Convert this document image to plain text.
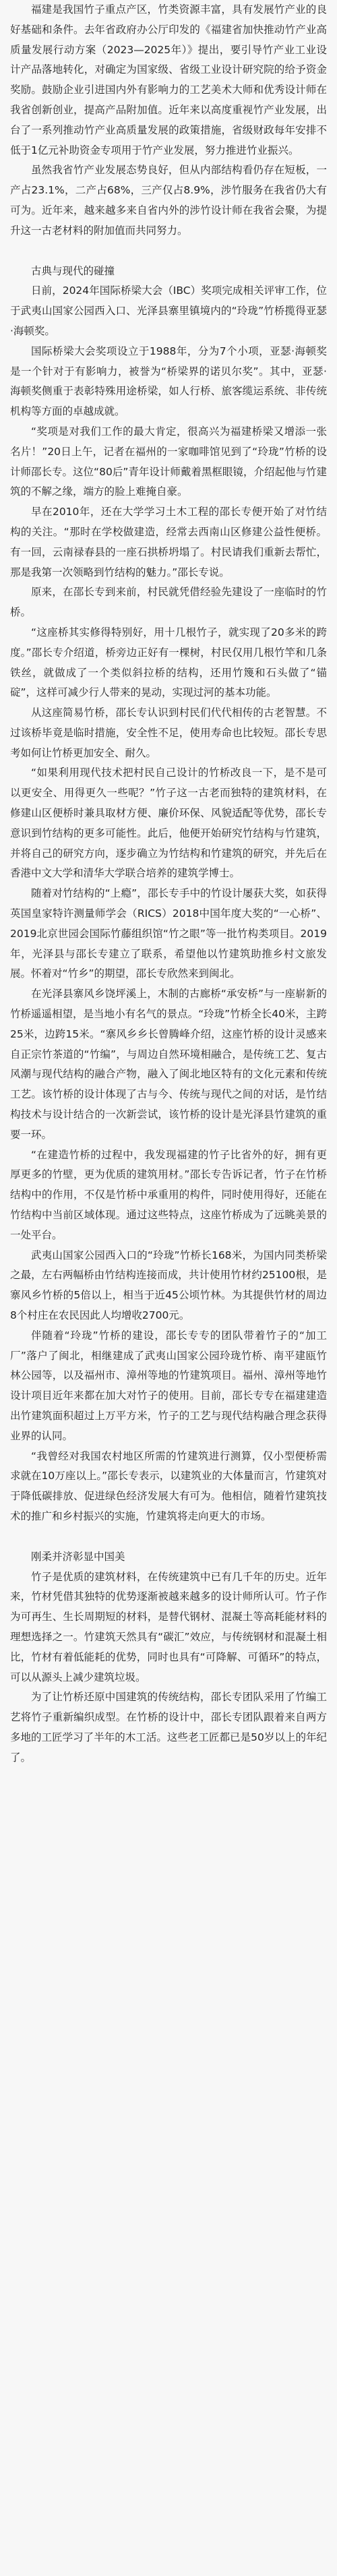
福建是我国竹子重点产区，竹类资源丰富，具有发展竹产业的良好基础和条件。去年省政府办公厅印发的《福建省加快推动竹产业高质量发展行动方案（2023—2025年）》提出，要引导竹产业工业设计产品落地转化，对确定为国家级、省级工业设计研究院的给予资金奖励。鼓励企业引进国内外有影响力的工艺美术大师和优秀设计师在我省创新创业，提高产品附加值。近年来以高度重视竹产业发展，出台了一系列推动竹产业高质量发展的政策措施，省级财政每年安排不低于1亿元补助资金专项用于竹产业发展，努力推进竹业振兴。

虽然我省竹产业发展态势良好，但从内部结构看仍存在短板，一产占23.1%，二产占68%，三产仅占8.9%，涉竹服务在我省仍大有可为。近年来，越来越多来自省内外的涉竹设计师在我省会聚，为提升这一古老材料的附加值而共同努力。

古典与现代的碰撞

日前，2024年国际桥梁大会（IBC）奖项完成相关评审工作，位于武夷山国家公园西入口、光泽县寨里镇境内的“玲珑”竹桥揽得亚瑟·海顿奖。

国际桥梁大会奖项设立于1988年，分为7个小项，亚瑟·海顿奖是一个针对于有影响力，被誉为“桥梁界的诺贝尔奖”。其中，亚瑟·海顿奖侧重于表彰特殊用途桥梁，如人行桥、旅客缆运系统、非传统机构等方面的卓越成就。

“奖项是对我们工作的最大肯定，很高兴为福建桥梁又增添一张名片！”20日上午，记者在福州的一家咖啡馆见到了“玲珑”竹桥的设计师邵长专。这位“80后”青年设计师戴着黑框眼镜，介绍起他与竹建筑的不解之缘，端方的脸上难掩自豪。

早在2010年，还在大学学习土木工程的邵长专便开始了对竹结构的关注。“那时在学校做建造，经常去西南山区修建公益性便桥。有一回，云南禄春县的一座石拱桥坍塌了。村民请我们重新去帮忙，那是我第一次领略到竹结构的魅力。”邵长专说。

原来，在邵长专到来前，村民就凭借经验先建设了一座临时的竹桥。

“这座桥其实修得特别好，用十几根竹子，就实现了20多米的跨度。”邵长专介绍道，桥旁边正好有一棵树，村民仅用几根竹竿和几条铁丝，就做成了一个类似斜拉桥的结构，还用竹篾和石头做了“锚碇”，这样可减少行人带来的晃动，实现过河的基本功能。

从这座简易竹桥，邵长专认识到村民们代代相传的古老智慧。不过该桥毕竟是临时措施，安全性不足，使用寿命也比较短。邵长专思考如何让竹桥更加安全、耐久。

“如果利用现代技术把村民自己设计的竹桥改良一下，是不是可以更安全、用得更久一些呢？”竹子这一古老而独特的建筑材料，在修建山区便桥时兼具取材方便、廉价环保、风貌适配等优势，邵长专意识到竹结构的更多可能性。此后，他便开始研究竹结构与竹建筑，并将自己的研究方向，逐步确立为竹结构和竹建筑的研究，并先后在香港中文大学和清华大学联合培养的建筑学博士。

随着对竹结构的“上瘾”，邵长专手中的竹设计屡获大奖，如获得英国皇家特许测量师学会（RICS）2018中国年度大奖的“一心桥”、2019北京世园会国际竹藤组织馆“竹之眼”等一批竹构类项目。2019年，光泽县与邵长专建立了联系，希望他以竹建筑助推乡村文旅发展。怀着对“竹乡”的期望，邵长专欣然来到闽北。

在光泽县寨风乡饶坪溪上，木制的古廊桥“承安桥”与一座崭新的竹桥遥遥相望，是当地小有名气的景点。“玲珑”竹桥全长40米，主跨25米，边跨15米。“寨风乡乡长曾腾峰介绍，这座竹桥的设计灵感来自正宗竹茶道的“竹编”，与周边自然环境相融合，是传统工艺、复古风潮与现代结构的融合产物，融入了闽北地区特有的文化元素和传统工艺。该竹桥的设计体现了古与今、传统与现代之间的对话，是竹结构技术与设计结合的一次新尝试，该竹桥的设计是光泽县竹建筑的重要一环。

“在建造竹桥的过程中，我发现福建的竹子比省外的好，拥有更厚更多的竹壁，更为优质的建筑用材。”邵长专告诉记者，竹子在竹桥结构中的作用，不仅是竹桥中承重用的构件，同时使用得好，还能在竹结构中当前区域体现。通过这些特点，这座竹桥成为了远眺美景的一处平台。

武夷山国家公园西入口的“玲珑”竹桥长168米，为国内同类桥梁之最，左右两幅桥由竹结构连接而成，共计使用竹材约25100根，是寨风乡竹桥的5倍以上，相当于近45公顷竹林。为其提供竹材的周边8个村庄在农民因此人均增收2700元。

伴随着“玲珑”竹桥的建设，邵长专专的团队带着竹子的“加工厂”落户了闽北，相继建成了武夷山国家公园玲珑竹桥、南平建瓯竹林公园等，以及福州市、漳州等地的竹建筑项目。福州、漳州等地竹设计项目近年来都在加大对竹子的使用。目前，邵长专专在福建建造出竹建筑面积超过上万平方米，竹子的工艺与现代结构融合理念获得业界的认同。

“我曾经对我国农村地区所需的竹建筑进行测算，仅小型便桥需求就在10万座以上。”邵长专表示，以建筑业的大体量而言，竹建筑对于降低碳排放、促进绿色经济发展大有可为。他相信，随着竹建筑技术的推广和乡村振兴的实施，竹建筑将走向更大的市场。

刚柔并济彰显中国美

竹子是优质的建筑材料，在传统建筑中已有几千年的历史。近年来，竹材凭借其独特的优势逐渐被越来越多的设计师所认可。竹子作为可再生、生长周期短的材料，是替代钢材、混凝土等高耗能材料的理想选择之一。竹建筑天然具有“碳汇”效应，与传统钢材和混凝土相比，竹材有着低能耗的优势，同时也具有“可降解、可循环”的特点，可以从源头上减少建筑垃圾。

为了让竹桥还原中国建筑的传统结构，邵长专团队采用了竹编工艺将竹子重新编织成型。在竹桥的设计中，邵长专团队跟着来自两方多地的工匠学习了半年的木工活。这些老工匠都已是50岁以上的年纪了。
